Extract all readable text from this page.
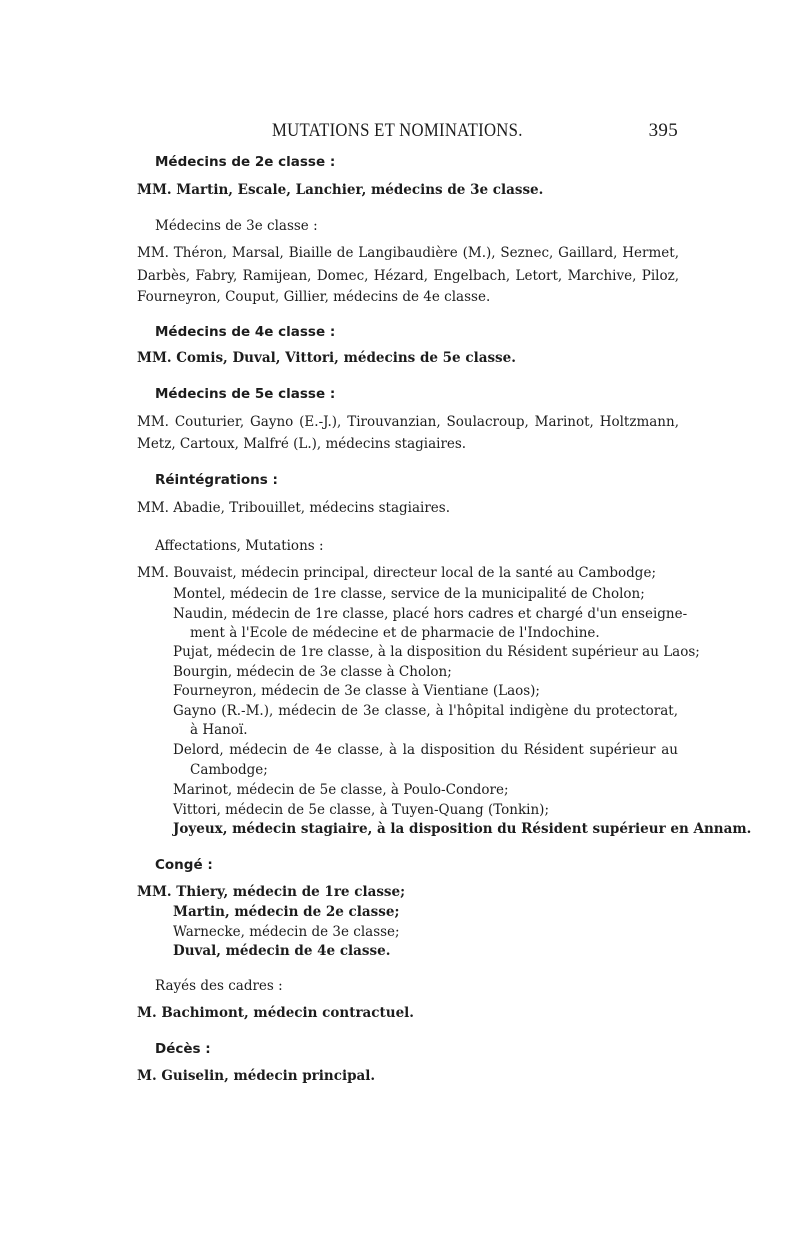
MUTATIONS ET NOMINATIONS.	395
Médecins de 2e classe :
MM. Martin, Escale, Lanchier, médecins de 3e classe.
Médecins de 3e classe :
MM. Théron, Marsal, Biaille de Langibaudière (M.), Seznec, Gaillard, Hermet,
Darbès, Fabry, Ramijean, Domec, Hézard, Engelbach, Letort, Marchive, Piloz,
Fourneyron, Couput, Gillier, médecins de 4e classe.
Médecins de 4e classe :
MM. Comis, Duval, Vittori, médecins de 5e classe.
Médecins de 5e classe :
MM. Couturier, Gayno (E.-J.), Tirouvanzian, Soulacroup, Marinot, Holtzmann,
Metz, Cartoux, Malfré (L.), médecins stagiaires.
Réintégrations :
MM. Abadie, Tribouillet, médecins stagiaires.
Affectations, Mutations :
MM. Bouvaist, médecin principal, directeur local de la santé au Cambodge;
Montel, médecin de 1re classe, service de la municipalité de Cholon;
Naudin, médecin de 1re classe, placé hors cadres et chargé d'un enseigne-
ment à l'Ecole de médecine et de pharmacie de l'Indochine.
Pujat, médecin de 1re classe, à la disposition du Résident supérieur au Laos;
Bourgin, médecin de 3e classe à Cholon;
Fourneyron, médecin de 3e classe à Vientiane (Laos);
Gayno (R.-M.), médecin de 3e classe, à l'hôpital indigène du protectorat,
à Hanoï.
Delord, médecin de 4e classe, à la disposition du Résident supérieur au
Cambodge;
Marinot, médecin de 5e classe, à Poulo-Condore;
Vittori, médecin de 5e classe, à Tuyen-Quang (Tonkin);
Joyeux, médecin stagiaire, à la disposition du Résident supérieur en Annam.
Congé :
MM. Thiery, médecin de 1re classe;
Martin, médecin de 2e classe;
Warnecke, médecin de 3e classe;
Duval, médecin de 4e classe.
Rayés des cadres :
M. Bachimont, médecin contractuel.
Décès :
M. Guiselin, médecin principal.
